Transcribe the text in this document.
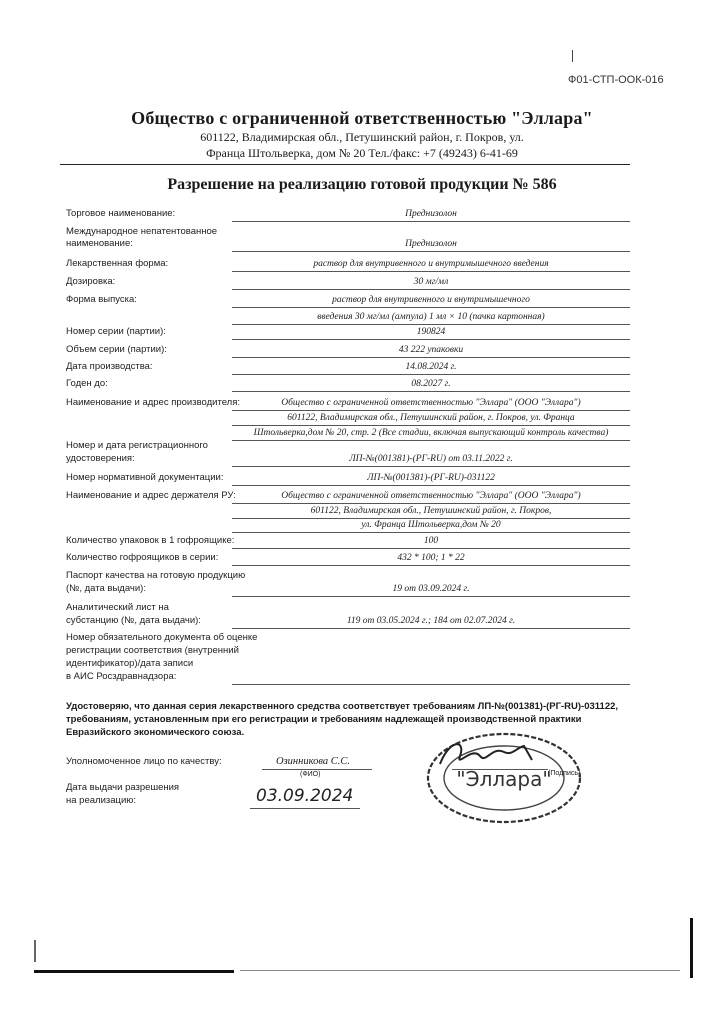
Ф01-СТП-ООК-016
Общество с ограниченной ответственностью "Эллара"
601122, Владимирская обл., Петушинский район, г. Покров, ул.
Франца Штольверка, дом № 20 Тел./факс: +7 (49243) 6-41-69
Разрешение на реализацию готовой продукции № 586
Торговое наименование:	Преднизолон
Международное непатентованное
наименование:	Преднизолон
Лекарственная форма:	раствор для внутривенного и внутримышечного введения
Дозировка:	30 мг/мл
Форма выпуска:	раствор для внутривенного и внутримышечного
введения 30 мг/мл (ампула) 1 мл × 10 (пачка картонная)
Номер серии (партии):	190824
Объем серии (партии):	43 222 упаковки
Дата производства:	14.08.2024 г.
Годен до:	08.2027 г.
Наименование и адрес производителя:	Общество с ограниченной ответственностью "Эллара" (ООО "Эллара")
601122, Владимирская обл., Петушинский район, г. Покров, ул. Франца
Штольверка,дом № 20, стр. 2 (Все стадии, включая выпускающий контроль качества)
Номер и дата регистрационного
удостоверения:	ЛП-№(001381)-(РГ-RU) от 03.11.2022 г.
Номер нормативной документации:	ЛП-№(001381)-(РГ-RU)-031122
Наименование и адрес держателя РУ:	Общество с ограниченной ответственностью "Эллара" (ООО "Эллара")
601122, Владимирская обл., Петушинский район, г. Покров,
ул. Франца Штольверка,дом № 20
Количество упаковок в 1 гофроящике:	100
Количество гофроящиков в серии:	432 * 100; 1 * 22
Паспорт качества на готовую продукцию
(№, дата выдачи):	19 от 03.09.2024 г.
Аналитический лист на
субстанцию (№, дата выдачи):	119 от 03.05.2024 г.; 184 от 02.07.2024 г.
Номер обязательного документа об оценке
регистрации соответствия (внутренний
идентификатор)/дата записи
в АИС Росздравнадзора:
Удостоверяю, что данная серия лекарственного средства соответствует требованиям ЛП-№(001381)-(РГ-RU)-031122, требованиям, установленным при его регистрации и требованиям надлежащей производственной практики Евразийского экономического союза.
Уполномоченное лицо по качеству:	Озинникова С.С.
(ФИО)	(Подпись)
Дата выдачи разрешения
на реализацию:	03.09.2024
"Эллара"
